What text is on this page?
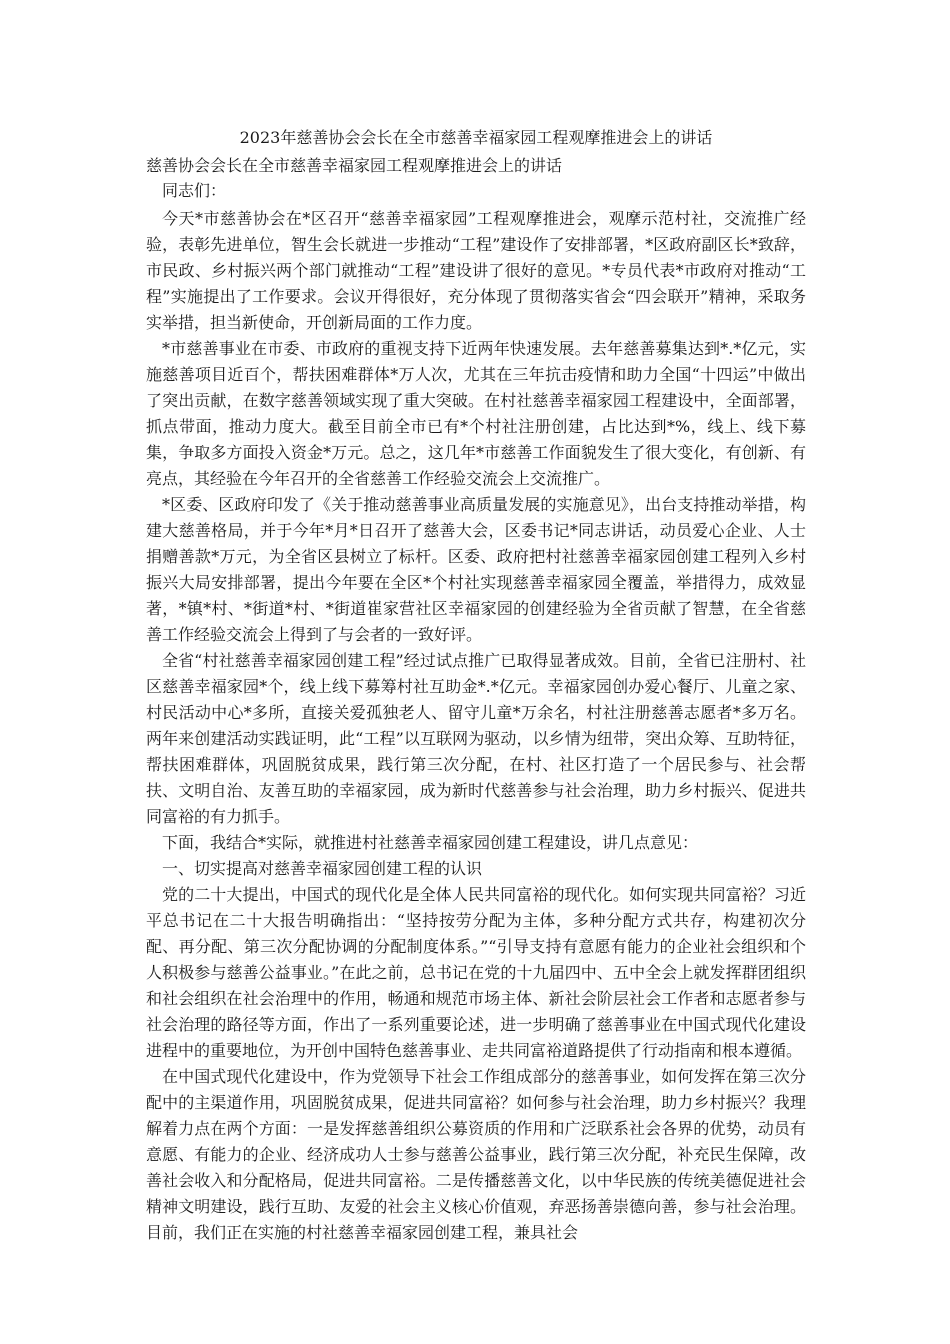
2023年慈善协会会长在全市慈善幸福家园工程观摩推进会上的讲话
慈善协会会长在全市慈善幸福家园工程观摩推进会上的讲话

同志们：

今天*市慈善协会在*区召开“慈善幸福家园”工程观摩推进会，观摩示范村社，交流推广经验，表彰先进单位，智生会长就进一步推动“工程”建设作了安排部署，*区政府副区长*致辞，市民政、乡村振兴两个部门就推动“工程”建设讲了很好的意见。*专员代表*市政府对推动“工程”实施提出了工作要求。会议开得很好，充分体现了贯彻落实省会“四会联开”精神，采取务实举措，担当新使命，开创新局面的工作力度。

*市慈善事业在市委、市政府的重视支持下近两年快速发展。去年慈善募集达到*.*亿元，实施慈善项目近百个，帮扶困难群体*万人次，尤其在三年抗击疫情和助力全国“十四运”中做出了突出贡献，在数字慈善领域实现了重大突破。在村社慈善幸福家园工程建设中，全面部署，抓点带面，推动力度大。截至目前全市已有*个村社注册创建，占比达到*%，线上、线下募集，争取多方面投入资金*万元。总之，这几年*市慈善工作面貌发生了很大变化，有创新、有亮点，其经验在今年召开的全省慈善工作经验交流会上交流推广。

*区委、区政府印发了《关于推动慈善事业高质量发展的实施意见》，出台支持推动举措，构建大慈善格局，并于今年*月*日召开了慈善大会，区委书记*同志讲话，动员爱心企业、人士捐赠善款*万元，为全省区县树立了标杆。区委、政府把村社慈善幸福家园创建工程列入乡村振兴大局安排部署，提出今年要在全区*个村社实现慈善幸福家园全覆盖，举措得力，成效显著，*镇*村、*街道*村、*街道崔家营社区幸福家园的创建经验为全省贡献了智慧，在全省慈善工作经验交流会上得到了与会者的一致好评。

全省“村社慈善幸福家园创建工程”经过试点推广已取得显著成效。目前，全省已注册村、社区慈善幸福家园*个，线上线下募筹村社互助金*.*亿元。幸福家园创办爱心餐厅、儿童之家、村民活动中心*多所，直接关爱孤独老人、留守儿童*万余名，村社注册慈善志愿者*多万名。两年来创建活动实践证明，此“工程”以互联网为驱动，以乡情为纽带，突出众筹、互助特征，帮扶困难群体，巩固脱贫成果，践行第三次分配，在村、社区打造了一个居民参与、社会帮扶、文明自治、友善互助的幸福家园，成为新时代慈善参与社会治理，助力乡村振兴、促进共同富裕的有力抓手。

下面，我结合*实际，就推进村社慈善幸福家园创建工程建设，讲几点意见：

一、切实提高对慈善幸福家园创建工程的认识

党的二十大提出，中国式的现代化是全体人民共同富裕的现代化。如何实现共同富裕？习近平总书记在二十大报告明确指出：“坚持按劳分配为主体，多种分配方式共存，构建初次分配、再分配、第三次分配协调的分配制度体系。”“引导支持有意愿有能力的企业社会组织和个人积极参与慈善公益事业。”在此之前，总书记在党的十九届四中、五中全会上就发挥群团组织和社会组织在社会治理中的作用，畅通和规范市场主体、新社会阶层社会工作者和志愿者参与社会治理的路径等方面，作出了一系列重要论述，进一步明确了慈善事业在中国式现代化建设进程中的重要地位，为开创中国特色慈善事业、走共同富裕道路提供了行动指南和根本遵循。

在中国式现代化建设中，作为党领导下社会工作组成部分的慈善事业，如何发挥在第三次分配中的主渠道作用，巩固脱贫成果，促进共同富裕？如何参与社会治理，助力乡村振兴？我理解着力点在两个方面：一是发挥慈善组织公募资质的作用和广泛联系社会各界的优势，动员有意愿、有能力的企业、经济成功人士参与慈善公益事业，践行第三次分配，补充民生保障，改善社会收入和分配格局，促进共同富裕。二是传播慈善文化，以中华民族的传统美德促进社会精神文明建设，践行互助、友爱的社会主义核心价值观，弃恶扬善崇德向善，参与社会治理。目前，我们正在实施的村社慈善幸福家园创建工程，兼具社会
